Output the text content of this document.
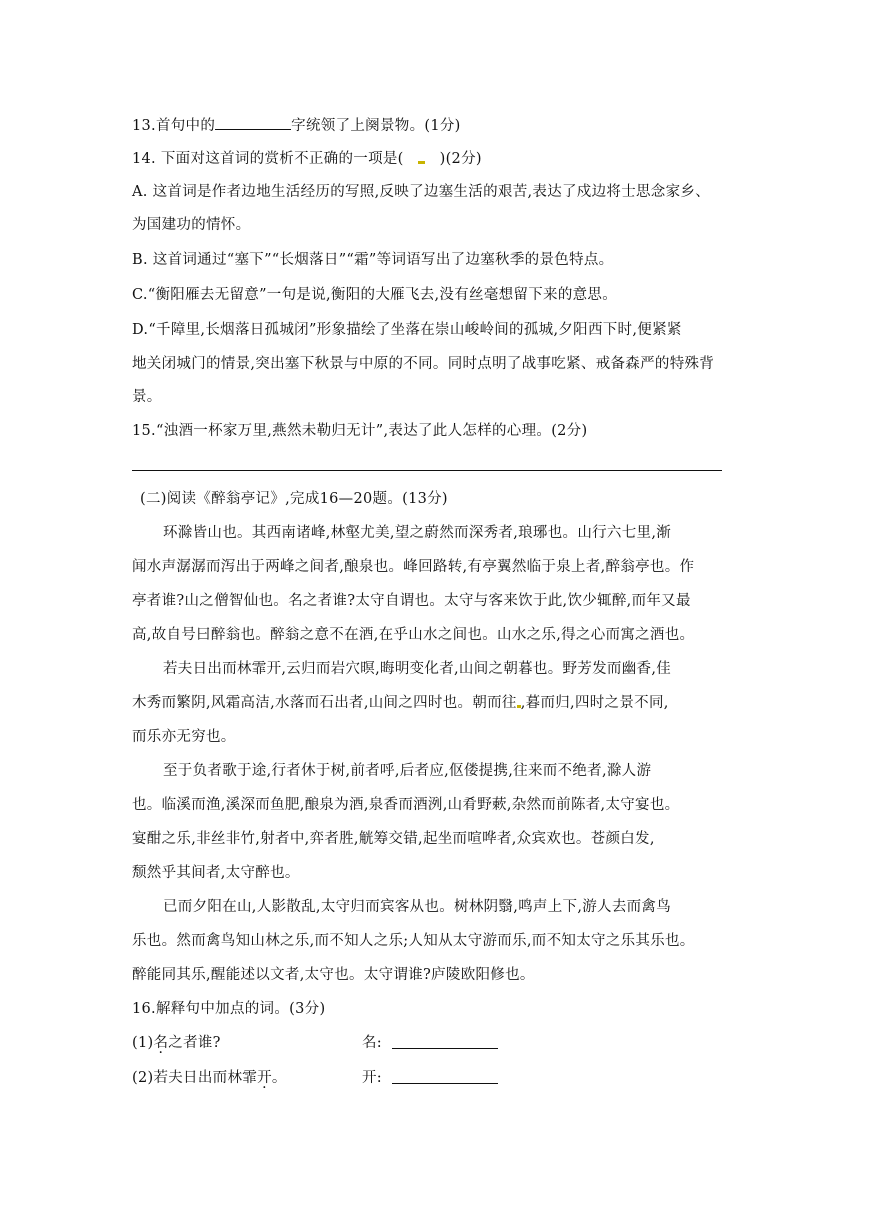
13.首句中的	字统领了上阕景物。(1分)
14. 下面对这首词的赏析不正确的一项是( )(2分)
A. 这首词是作者边地生活经历的写照,反映了边塞生活的艰苦,表达了戍边将士思念家乡、
为国建功的情怀。
B. 这首词通过“塞下”“长烟落日”“霜”等词语写出了边塞秋季的景色特点。
C.“衡阳雁去无留意”一句是说,衡阳的大雁飞去,没有丝毫想留下来的意思。
D.“千障里,长烟落日孤城闭”形象描绘了坐落在崇山峻岭间的孤城,夕阳西下时,便紧紧
地关闭城门的情景,突出塞下秋景与中原的不同。同时点明了战事吃紧、戒备森严的特殊背
景。
15.“浊酒一杯家万里,燕然未勒归无计”,表达了此人怎样的心理。(2分)
(二)阅读《醉翁亭记》,完成16—20题。(13分)
环滁皆山也。其西南诸峰,林壑尤美,望之蔚然而深秀者,琅琊也。山行六七里,渐
闻水声潺潺而泻出于两峰之间者,酿泉也。峰回路转,有亭翼然临于泉上者,醉翁亭也。作
亭者谁?山之僧智仙也。名之者谁?太守自谓也。太守与客来饮于此,饮少辄醉,而年又最
高,故自号曰醉翁也。醉翁之意不在酒,在乎山水之间也。山水之乐,得之心而寓之酒也。
若夫日出而林霏开,云归而岩穴暝,晦明变化者,山间之朝暮也。野芳发而幽香,佳
木秀而繁阴,风霜高洁,水落而石出者,山间之四时也。朝而往 ,暮而归,四时之景不同,
而乐亦无穷也。
至于负者歌于途,行者休于树,前者呼,后者应,伛偻提携,往来而不绝者,滁人游
也。临溪而渔,溪深而鱼肥,酿泉为酒,泉香而酒洌,山肴野蔌,杂然而前陈者,太守宴也。
宴酣之乐,非丝非竹,射者中,弈者胜,觥筹交错,起坐而喧哗者,众宾欢也。苍颜白发,
颓然乎其间者,太守醉也。
已而夕阳在山,人影散乱,太守归而宾客从也。树林阴翳,鸣声上下,游人去而禽鸟
乐也。然而禽鸟知山林之乐,而不知人之乐;人知从太守游而乐,而不知太守之乐其乐也。
醉能同其乐,醒能述以文者,太守也。太守谓谁?庐陵欧阳修也。
16.解释句中加点的词。(3分)
(1)名之者谁?	名:
(2)若夫日出而林霏开。	开:
